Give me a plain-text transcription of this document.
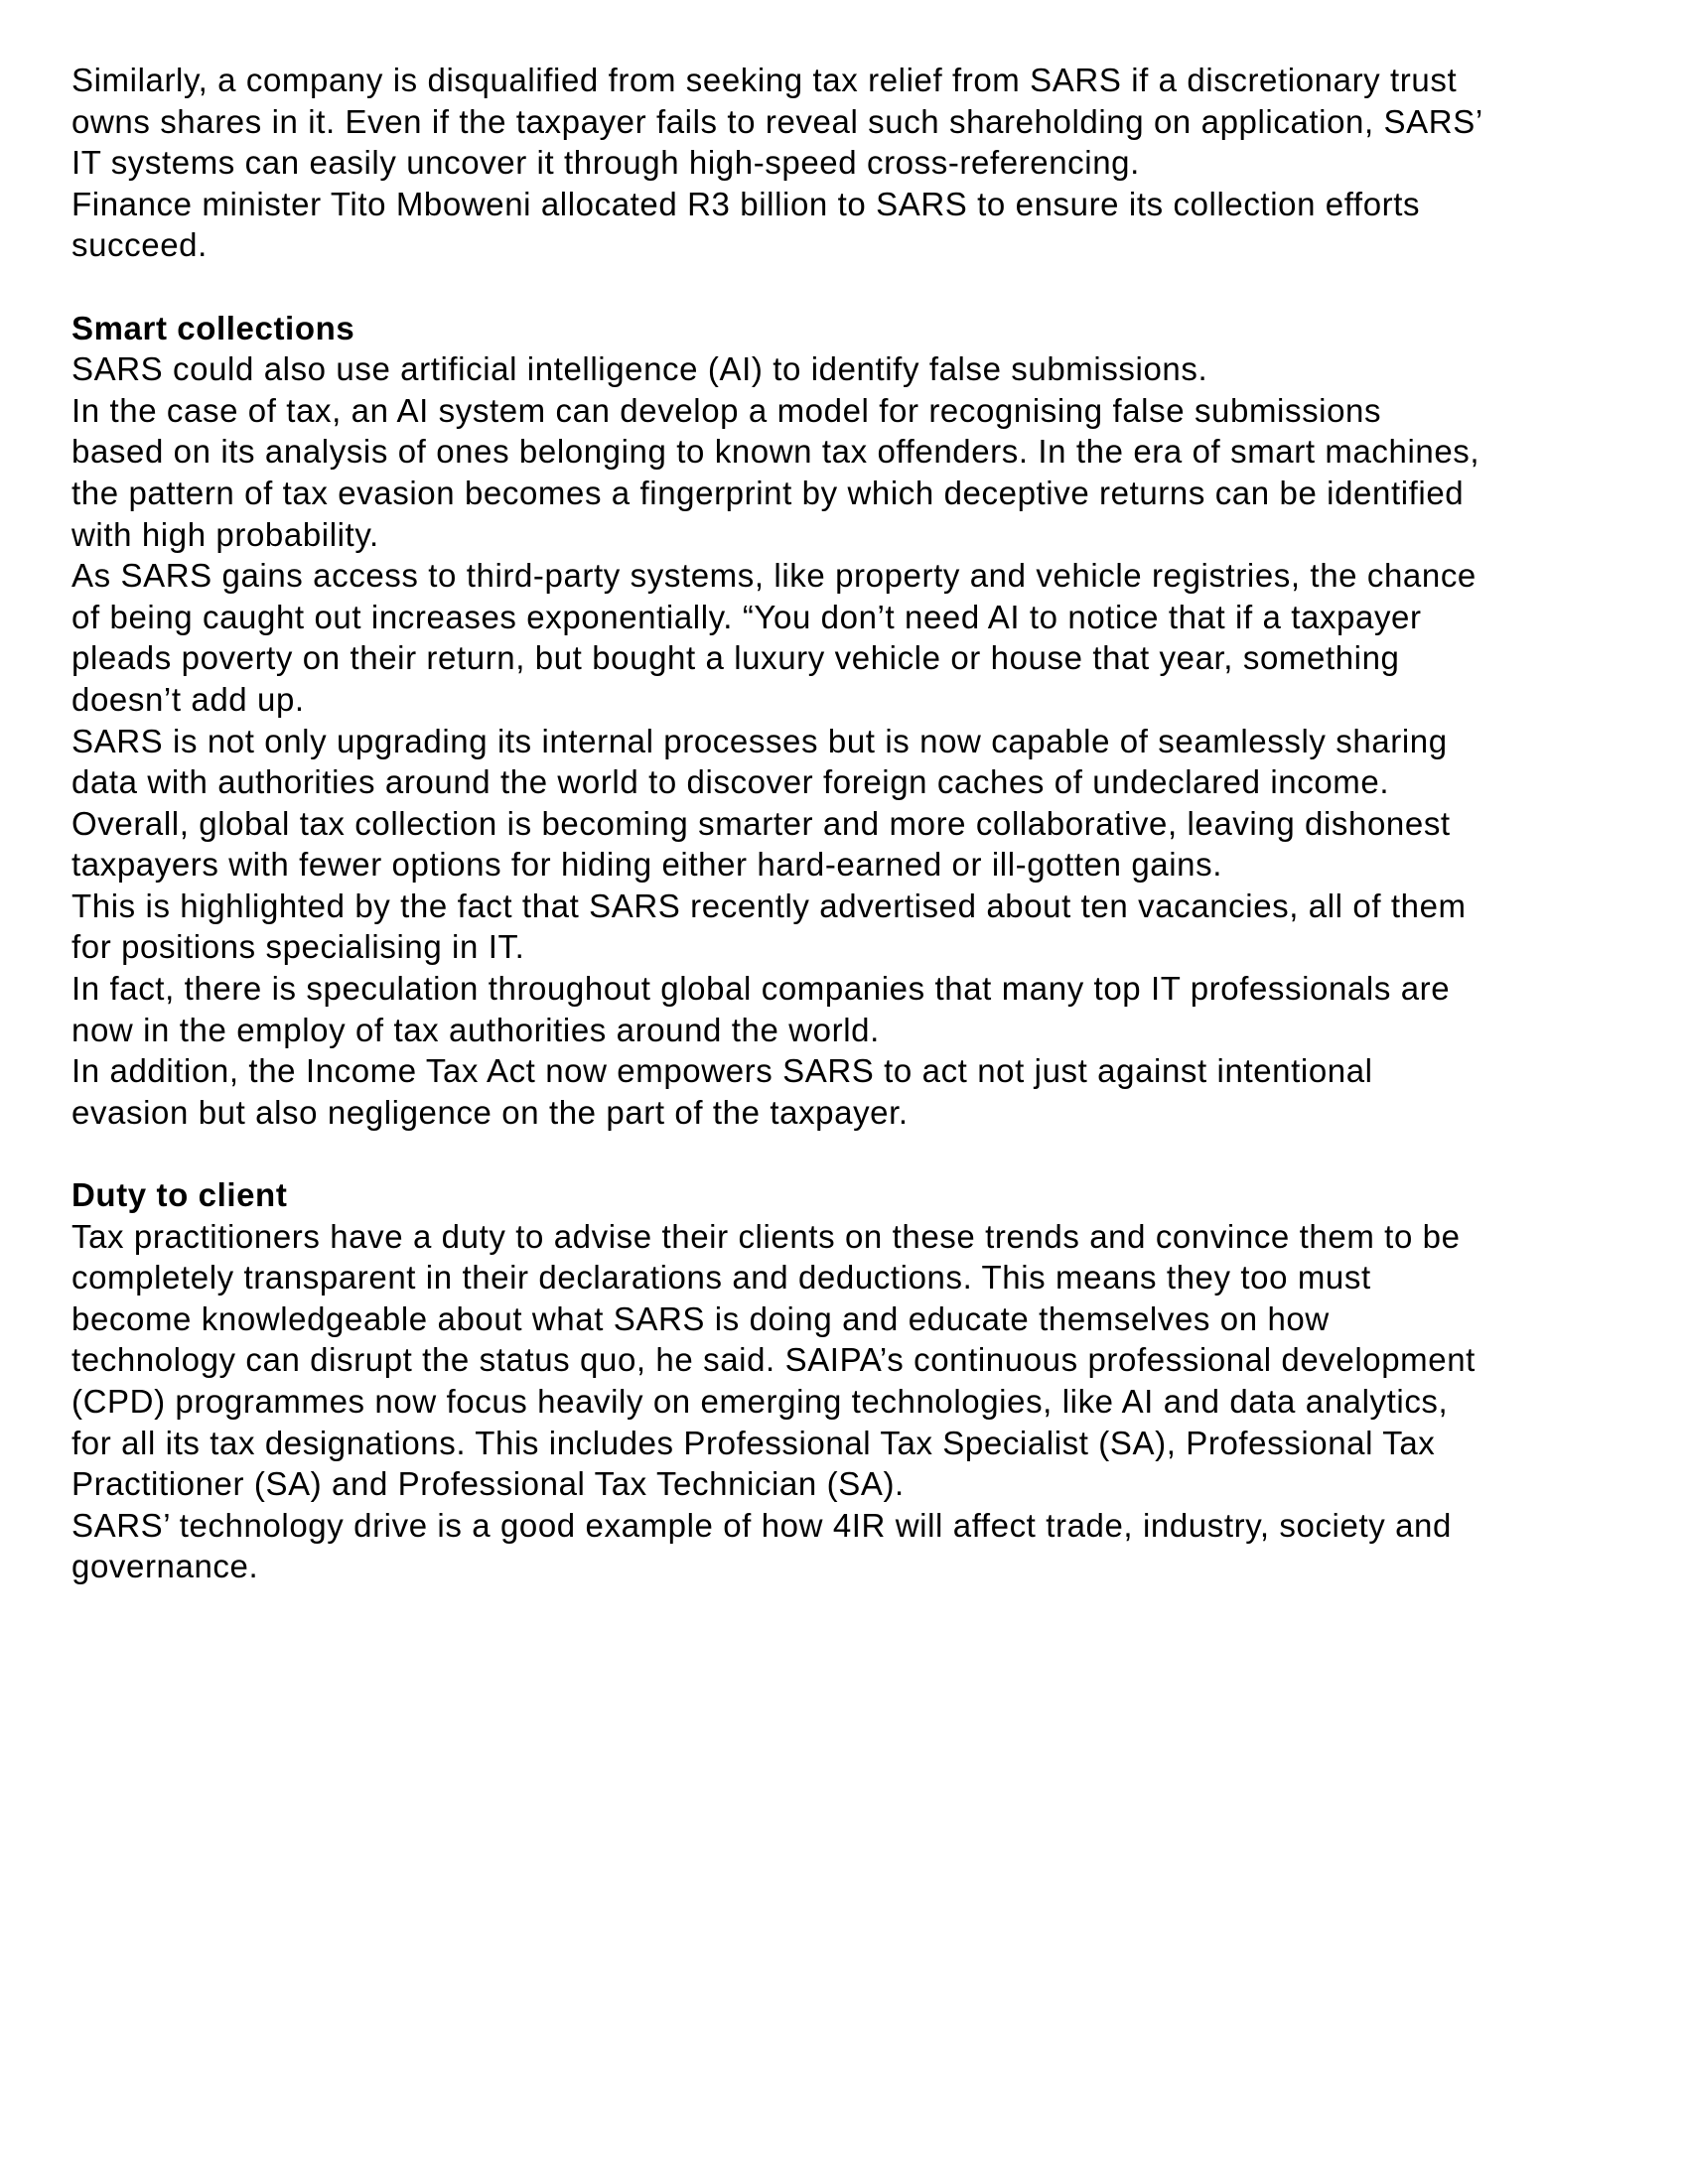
Similarly, a company is disqualified from seeking tax relief from SARS if a discretionary trust
owns shares in it. Even if the taxpayer fails to reveal such shareholding on application, SARS’
IT systems can easily uncover it through high-speed cross-referencing.
Finance minister Tito Mboweni allocated R3 billion to SARS to ensure its collection efforts
succeed.
Smart collections
SARS could also use artificial intelligence (AI) to identify false submissions.
In the case of tax, an AI system can develop a model for recognising false submissions
based on its analysis of ones belonging to known tax offenders. In the era of smart machines,
the pattern of tax evasion becomes a fingerprint by which deceptive returns can be identified
with high probability.
As SARS gains access to third-party systems, like property and vehicle registries, the chance
of being caught out increases exponentially. “You don’t need AI to notice that if a taxpayer
pleads poverty on their return, but bought a luxury vehicle or house that year, something
doesn’t add up.
SARS is not only upgrading its internal processes but is now capable of seamlessly sharing
data with authorities around the world to discover foreign caches of undeclared income.
Overall, global tax collection is becoming smarter and more collaborative, leaving dishonest
taxpayers with fewer options for hiding either hard-earned or ill-gotten gains.
This is highlighted by the fact that SARS recently advertised about ten vacancies, all of them
for positions specialising in IT.
In fact, there is speculation throughout global companies that many top IT professionals are
now in the employ of tax authorities around the world.
In addition, the Income Tax Act now empowers SARS to act not just against intentional
evasion but also negligence on the part of the taxpayer.
Duty to client
Tax practitioners have a duty to advise their clients on these trends and convince them to be
completely transparent in their declarations and deductions. This means they too must
become knowledgeable about what SARS is doing and educate themselves on how
technology can disrupt the status quo, he said. SAIPA’s continuous professional development
(CPD) programmes now focus heavily on emerging technologies, like AI and data analytics,
for all its tax designations. This includes Professional Tax Specialist (SA), Professional Tax
Practitioner (SA) and Professional Tax Technician (SA).
SARS’ technology drive is a good example of how 4IR will affect trade, industry, society and
governance.
